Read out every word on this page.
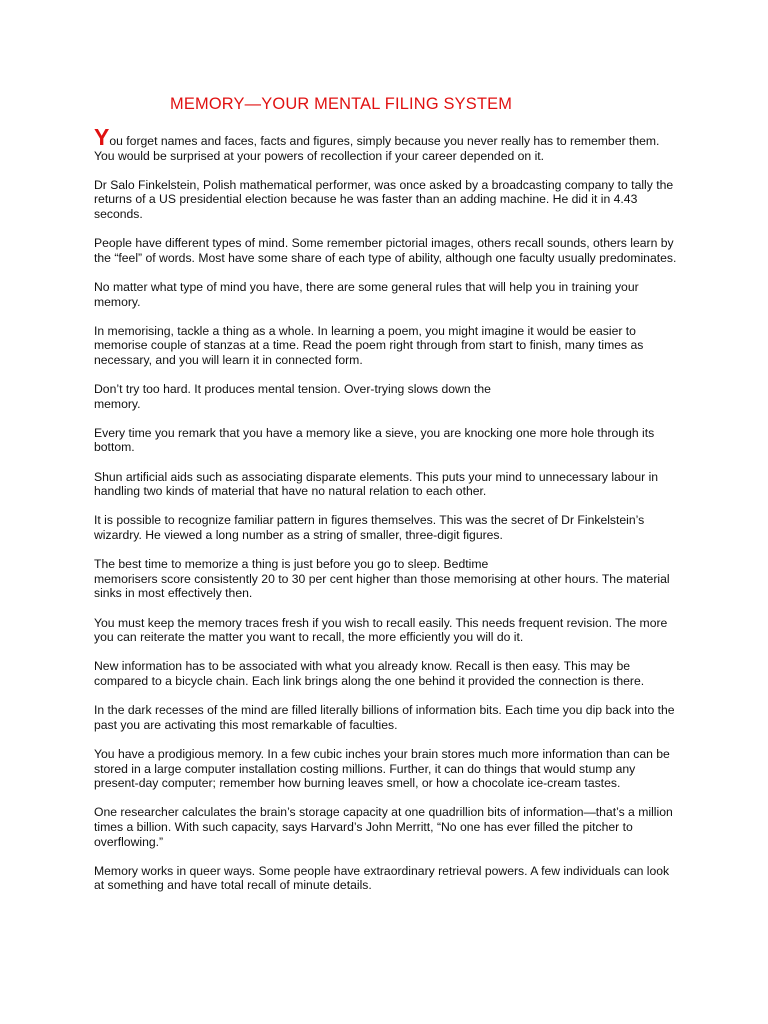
MEMORY—YOUR MENTAL FILING SYSTEM

You forget names and faces, facts and figures, simply because you never really has to remember them. You would be surprised at your powers of recollection if your career depended on it.

Dr Salo Finkelstein, Polish mathematical performer, was once asked by a broadcasting company to tally the returns of a US presidential election because he was faster than an adding machine. He did it in 4.43 seconds.

People have different types of mind. Some remember pictorial images, others recall sounds, others learn by the “feel” of words. Most have some share of each type of ability, although one faculty usually predominates.

No matter what type of mind you have, there are some general rules that will help you in training your memory.

In memorising, tackle a thing as a whole. In learning a poem, you might imagine it would be easier to memorise couple of stanzas at a time. Read the poem right through from start to finish, many times as necessary, and you will learn it in connected form.

Don’t try too hard. It produces mental tension. Over-trying slows down the
memory.

Every time you remark that you have a memory like a sieve, you are knocking one more hole through its bottom.

Shun artificial aids such as associating disparate elements. This puts your mind to unnecessary labour in handling two kinds of material that have no natural relation to each other.

It is possible to recognize familiar pattern in figures themselves. This was the secret of Dr Finkelstein’s wizardry. He viewed a long number as a string of smaller, three-digit figures.

The best time to memorize a thing is just before you go to sleep. Bedtime
memorisers score consistently 20 to 30 per cent higher than those memorising at other hours. The material sinks in most effectively then.

You must keep the memory traces fresh if you wish to recall easily. This needs frequent revision. The more you can reiterate the matter you want to recall, the more efficiently you will do it.

New information has to be associated with what you already know. Recall is then easy. This may be compared to a bicycle chain. Each link brings along the one behind it provided the connection is there.

In the dark recesses of the mind are filled literally billions of information bits. Each time you dip back into the past you are activating this most remarkable of faculties.

You have a prodigious memory. In a few cubic inches your brain stores much more information than can be stored in a large computer installation costing millions. Further, it can do things that would stump any present-day computer; remember how burning leaves smell, or how a chocolate ice-cream tastes.

One researcher calculates the brain’s storage capacity at one quadrillion bits of information—that’s a million times a billion. With such capacity, says Harvard’s John Merritt, “No one has ever filled the pitcher to overflowing.”

Memory works in queer ways. Some people have extraordinary retrieval powers. A few individuals can look at something and have total recall of minute details.
